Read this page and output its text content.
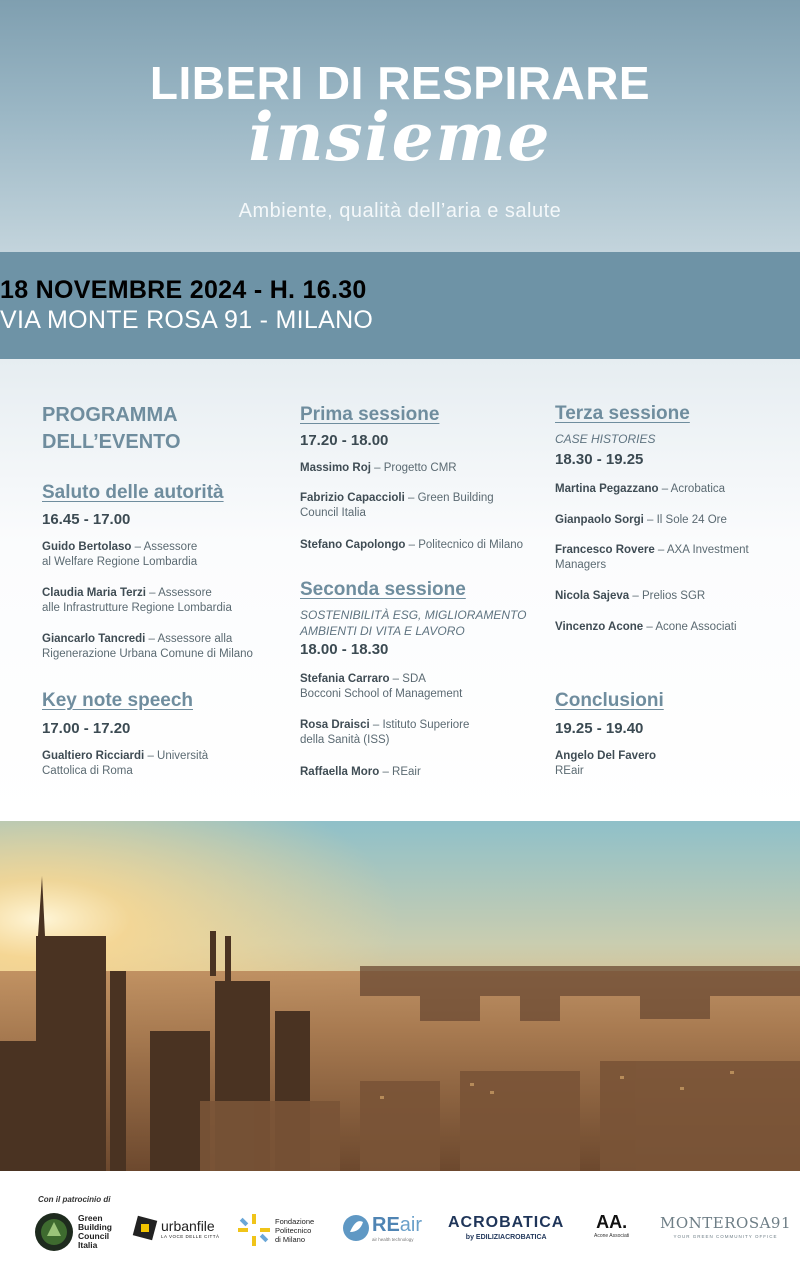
LIBERI DI RESPIRARE
insieme
Ambiente, qualità dell’aria e salute
18 NOVEMBRE 2024 - H. 16.30
VIA MONTE ROSA 91 - MILANO
PROGRAMMA
DELL’EVENTO
Saluto delle autorità
16.45 - 17.00
Guido Bertolaso – Assessore
al Welfare Regione Lombardia
Claudia Maria Terzi – Assessore
alle Infrastrutture Regione Lombardia
Giancarlo Tancredi – Assessore alla
Rigenerazione Urbana Comune di Milano
Key note speech
17.00 - 17.20
Gualtiero Ricciardi – Università
Cattolica di Roma
Prima sessione
17.20 - 18.00
Massimo Roj – Progetto CMR
Fabrizio Capaccioli – Green Building
Council Italia
Stefano Capolongo – Politecnico di Milano
Seconda sessione
SOSTENIBILITÀ ESG, MIGLIORAMENTO
AMBIENTI DI VITA E LAVORO
18.00 - 18.30
Stefania Carraro – SDA
Bocconi School of Management
Rosa Draisci – Istituto Superiore
della Sanità (ISS)
Raffaella Moro – REair
Terza sessione
CASE HISTORIES
18.30 - 19.25
Martina Pegazzano – Acrobatica
Gianpaolo Sorgi – Il Sole 24 Ore
Francesco Rovere – AXA Investment
Managers
Nicola Sajeva – Prelios SGR
Vincenzo Acone – Acone Associati
Conclusioni
19.25 - 19.40
Angelo Del Favero
REair
Con il patrocinio di
Green
Building
Council
Italia
urbanfile
LA VOCE DELLE CITTÀ
Fondazione
Politecnico
di Milano
REair
air health technology
ACROBATICA
by EDILIZIACROBATICA
AA.
Acone Associati
MONTEROSA91
YOUR GREEN COMMUNITY OFFICE
